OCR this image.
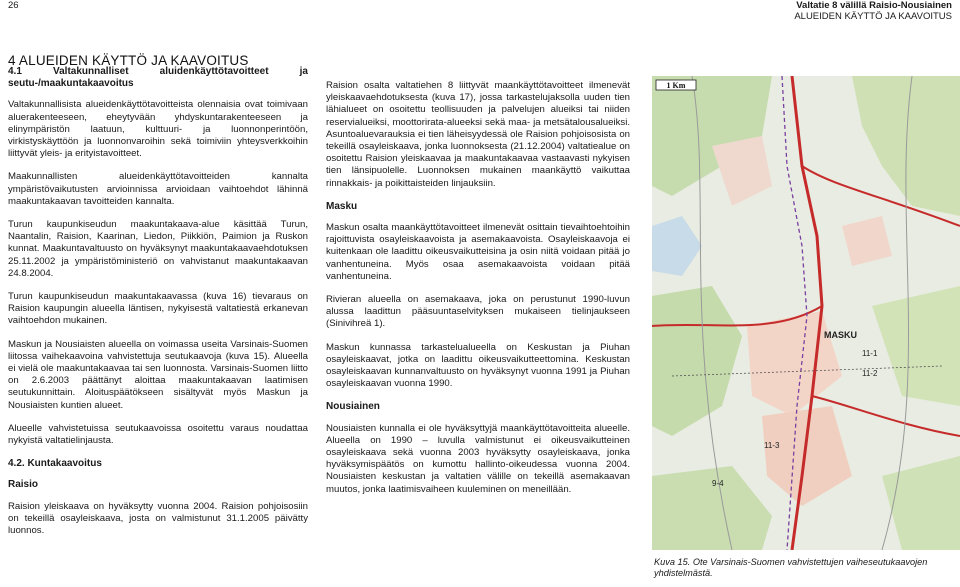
26	Valtatie 8 välillä Raisio-Nousiainen
ALUEIDEN KÄYTTÖ JA KAAVOITUS
4 ALUEIDEN KÄYTTÖ JA KAAVOITUS
4.1 Valtakunnalliset aluidenkäyttötavoitteet ja seutu-/maakuntakaavoitus

Valtakunnallisista alueidenkäyttötavoitteista olennaisia ovat toimivaan aluerakenteeseen, eheytyvään yhdyskuntarakenteeseen ja elinympäristön laatuun, kulttuuri- ja luonnonperintöön, virkistyskäyttöön ja luonnonvaroihin sekä toimiviin yhteysverkkoihin liittyvät yleis- ja erityistavoitteet.

Maakunnallisten alueidenkäyttötavoitteiden kannalta ympäristövaikutusten arvioinnissa arvioidaan vaihtoehdot lähinnä maakuntakaavan tavoitteiden kannalta.

Turun kaupunkiseudun maakuntakaava-alue käsittää Turun, Naantalin, Raision, Kaarinan, Liedon, Piikkiön, Paimion ja Ruskon kunnat. Maakuntavaltuusto on hyväksynyt maakuntakaavaehdotuksen 25.11.2002 ja ympäristöministeriö on vahvistanut maakuntakaavan 24.8.2004.

Turun kaupunkiseudun maakuntakaavassa (kuva 16) tievaraus on Raision kaupungin alueella läntisen, nykyisestä valtatiestä erkanevan vaihtoehdon mukainen.

Maskun ja Nousiaisten alueella on voimassa useita Varsinais-Suomen liitossa vaihekaavoina vahvistettuja seutukaavoja (kuva 15). Alueella ei vielä ole maakuntakaavaa tai sen luonnosta. Varsinais-Suomen liitto on 2.6.2003 päättänyt aloittaa maakuntakaavan laatimisen seutukunnittain. Aloituspäätökseen sisältyvät myös Maskun ja Nousiaisten kuntien alueet.

Alueelle vahvistetuissa seutukaavoissa osoitettu varaus noudattaa nykyistä valtatielinjausta.

4.2. Kuntakaavoitus
Raisio

Raision yleiskaava on hyväksytty vuonna 2004. Raision pohjoisosiin on tekeillä osayleiskaava, josta on valmistunut 31.1.2005 päivätty luonnos.

Raision osalta valtatiehen 8 liittyvät maankäyttötavoitteet ilmenevät yleiskaavaehdotuksesta (kuva 17), jossa tarkastelujaksolla uuden tien lähialueet on osoitettu teollisuuden ja palvelujen alueiksi tai niiden reservialueiksi, moottorirata-alueeksi sekä maa- ja metsätalousalueiksi. Asuntoaluevarauksia ei tien läheisyydessä ole Raision pohjoisosista on tekeillä osayleiskaava, jonka luonnoksesta (21.12.2004) valtatiealue on osoitettu Raision yleiskaavaa ja maakuntakaavaa vastaavasti nykyisen tien länsipuolelle. Luonnoksen mukainen maankäyttö vaikuttaa rinnakkais- ja poikittaisteiden linjauksiin.

Masku

Maskun osalta maankäyttötavoitteet ilmenevät osittain tievaihtoehtoihin rajoittuvista osayleiskaavoista ja asemakaavoista. Osayleiskaavoja ei kuitenkaan ole laadittu oikeusvaikutteisina ja osin niitä voidaan pitää jo vanhentuneina. Myös osaa asemakaavoista voidaan pitää vanhentuneina.

Rivieran alueella on asemakaava, joka on perustunut 1990-luvun alussa laadittun pääsuuntaselvityksen mukaiseen tielinjaukseen (Sinivihreä 1).

Maskun kunnassa tarkastelualueella on Keskustan ja Piuhan osayleiskaavat, jotka on laadittu oikeusvaikutteettomina. Keskustan osayleiskaavan kunnanvaltuusto on hyväksynyt vuonna 1991 ja Piuhan osayleiskaavan vuonna 1990.

Nousiainen

Nousiaisten kunnalla ei ole hyväksyttyjä maankäyttötavoitteita alueelle. Alueella on 1990 – luvulla valmistunut ei oikeusvaikutteinen osayleiskaava sekä vuonna 2003 hyväksytty osayleiskaava, jonka hyväksymispäätös on kumottu hallinto-oikeudessa vuonna 2004. Nousiaisten keskustan ja valtatien välille on tekeillä asemakaavan muutos, jonka laatimisvaiheen kuuleminen on meneillään.

1 Km
MASKU
11-1
11-2
11-3
9-4
Kuva 15. Ote Varsinais-Suomen vahvistettujen vaiheseutukaavojen yhdistelmästä.
